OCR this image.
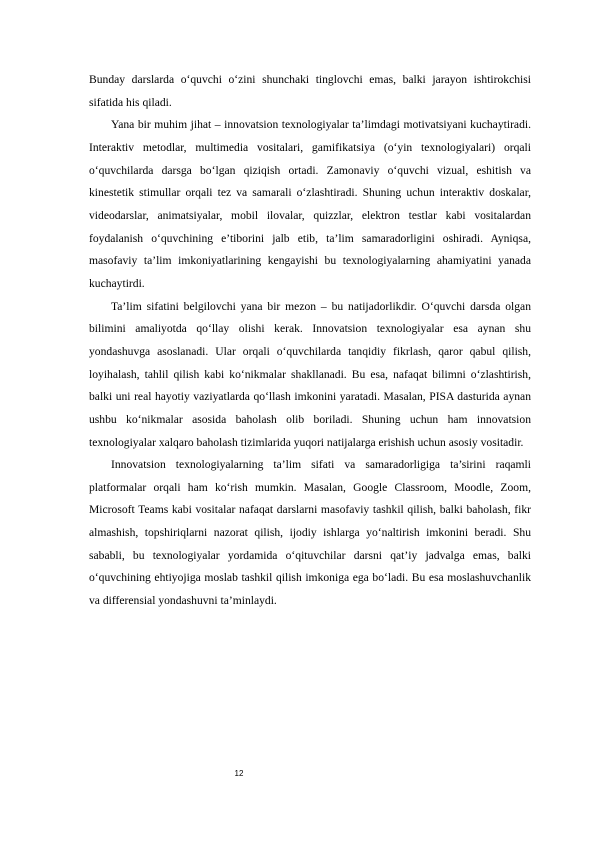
Bunday darslarda o‘quvchi o‘zini shunchaki tinglovchi emas, balki jarayon ishtirokchisi sifatida his qiladi.

Yana bir muhim jihat – innovatsion texnologiyalar ta’limdagi motivatsiyani kuchaytiradi. Interaktiv metodlar, multimedia vositalari, gamifikatsiya (o‘yin texnologiyalari) orqali o‘quvchilarda darsga bo‘lgan qiziqish ortadi. Zamonaviy o‘quvchi vizual, eshitish va kinestetik stimullar orqali tez va samarali o‘zlashtiradi. Shuning uchun interaktiv doskalar, videodarslar, animatsiyalar, mobil ilovalar, quizzlar, elektron testlar kabi vositalardan foydalanish o‘quvchining e’tiborini jalb etib, ta’lim samaradorligini oshiradi. Ayniqsa, masofaviy ta’lim imkoniyatlarining kengayishi bu texnologiyalarning ahamiyatini yanada kuchaytirdi.

Ta’lim sifatini belgilovchi yana bir mezon – bu natijadorlikdir. O‘quvchi darsda olgan bilimini amaliyotda qo‘llay olishi kerak. Innovatsion texnologiyalar esa aynan shu yondashuvga asoslanadi. Ular orqali o‘quvchilarda tanqidiy fikrlash, qaror qabul qilish, loyihalash, tahlil qilish kabi ko‘nikmalar shakllanadi. Bu esa, nafaqat bilimni o‘zlashtirish, balki uni real hayotiy vaziyatlarda qo‘llash imkonini yaratadi. Masalan, PISA dasturida aynan ushbu ko‘nikmalar asosida baholash olib boriladi. Shuning uchun ham innovatsion texnologiyalar xalqaro baholash tizimlarida yuqori natijalarga erishish uchun asosiy vositadir.

Innovatsion texnologiyalarning ta’lim sifati va samaradorligiga ta’sirini raqamli platformalar orqali ham ko‘rish mumkin. Masalan, Google Classroom, Moodle, Zoom, Microsoft Teams kabi vositalar nafaqat darslarni masofaviy tashkil qilish, balki baholash, fikr almashish, topshiriqlarni nazorat qilish, ijodiy ishlarga yo‘naltirish imkonini beradi. Shu sababli, bu texnologiyalar yordamida o‘qituvchilar darsni qat’iy jadvalga emas, balki o‘quvchining ehtiyojiga moslab tashkil qilish imkoniga ega bo‘ladi. Bu esa moslashuvchanlik va differensial yondashuvni ta’minlaydi.

12
